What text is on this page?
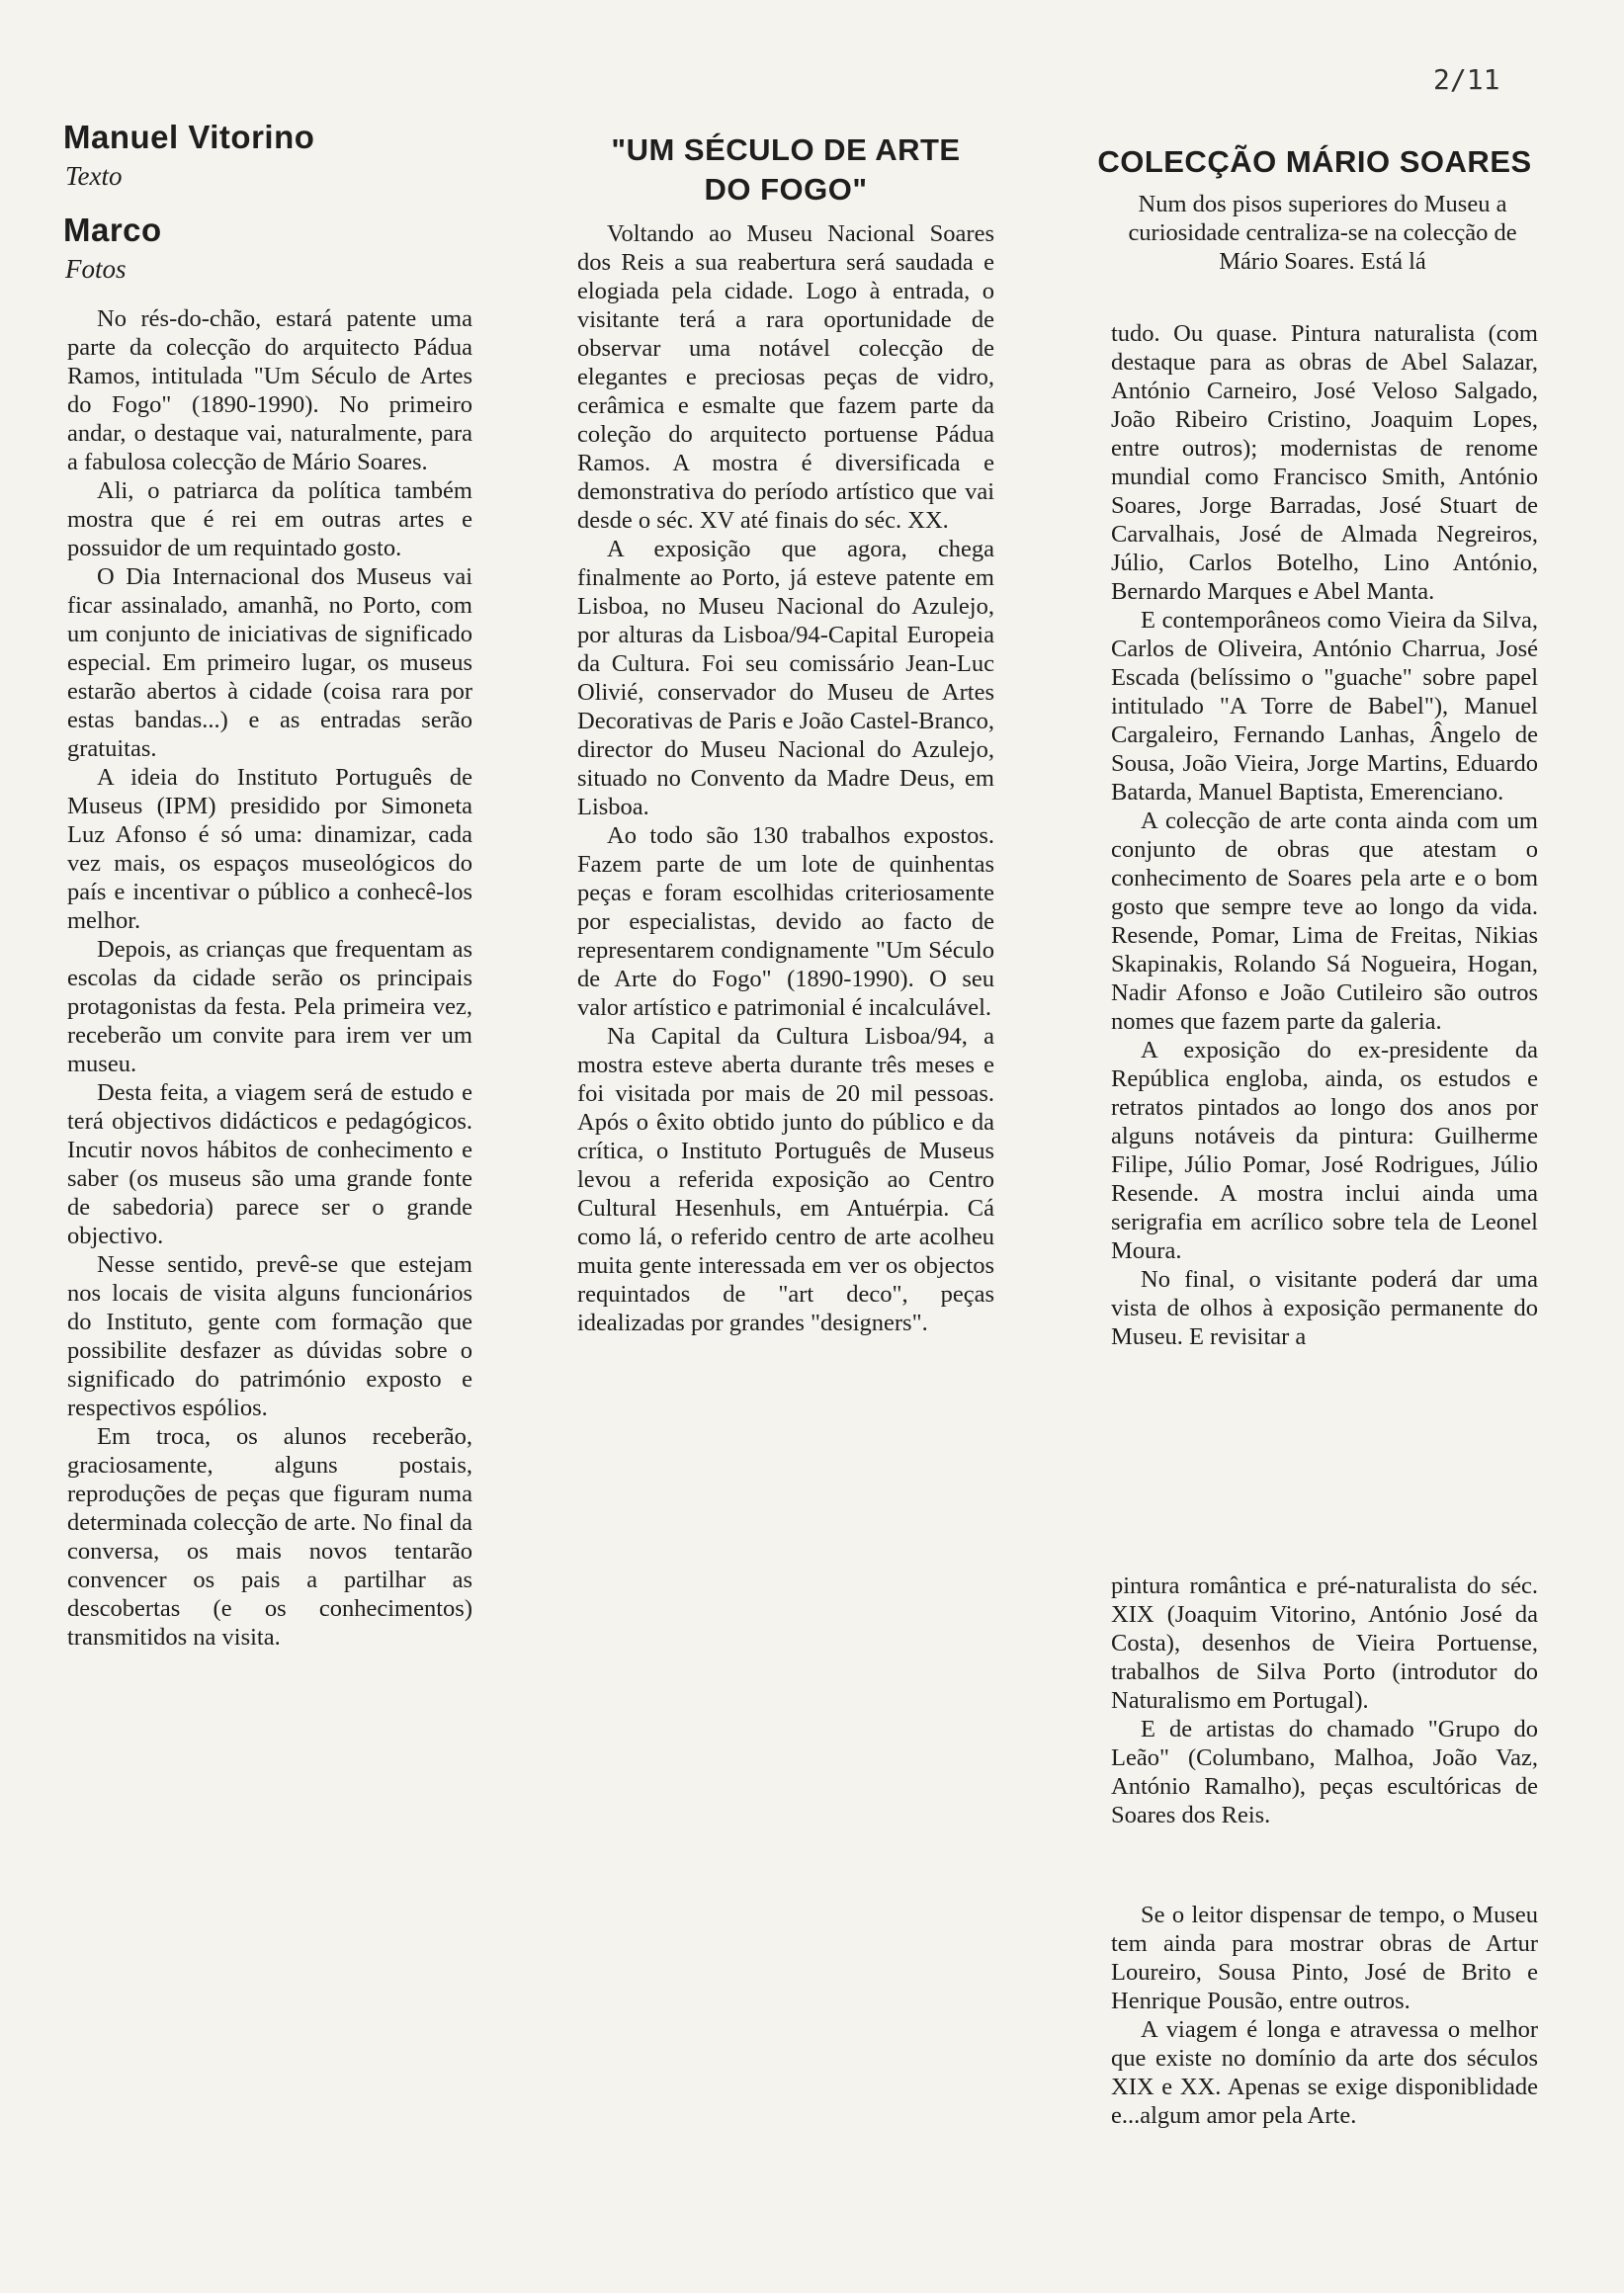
2/11
Manuel Vitorino
Texto
Marco
Fotos

No rés-do-chão, estará patente uma parte da colecção do arquitecto Pádua Ramos, intitulada "Um Século de Artes do Fogo" (1890-1990). No primeiro andar, o destaque vai, naturalmente, para a fabulosa colecção de Mário Soares.

Ali, o patriarca da política também mostra que é rei em outras artes e possuidor de um requintado gosto.

O Dia Internacional dos Museus vai ficar assinalado, amanhã, no Porto, com um conjunto de iniciativas de significado especial. Em primeiro lugar, os museus estarão abertos à cidade (coisa rara por estas bandas...) e as entradas serão gratuitas.

A ideia do Instituto Português de Museus (IPM) presidido por Simoneta Luz Afonso é só uma: dinamizar, cada vez mais, os espaços museológicos do país e incentivar o público a conhecê-los melhor.

Depois, as crianças que frequentam as escolas da cidade serão os principais protagonistas da festa. Pela primeira vez, receberão um convite para irem ver um museu.

Desta feita, a viagem será de estudo e terá objectivos didácticos e pedagógicos. Incutir novos hábitos de conhecimento e saber (os museus são uma grande fonte de sabedoria) parece ser o grande objectivo.

Nesse sentido, prevê-se que estejam nos locais de visita alguns funcionários do Instituto, gente com formação que possibilite desfazer as dúvidas sobre o significado do património exposto e respectivos espólios.

Em troca, os alunos receberão, graciosamente, alguns postais, reproduções de peças que figuram numa determinada colecção de arte. No final da conversa, os mais novos tentarão convencer os pais a partilhar as descobertas (e os conhecimentos) transmitidos na visita.

"UM SÉCULO DE ARTE
DO FOGO"

Voltando ao Museu Nacional Soares dos Reis a sua reabertura será saudada e elogiada pela cidade. Logo à entrada, o visitante terá a rara oportunidade de observar uma notável colecção de elegantes e preciosas peças de vidro, cerâmica e esmalte que fazem parte da coleção do arquitecto portuense Pádua Ramos. A mostra é diversificada e demonstrativa do período artístico que vai desde o séc. XV até finais do séc. XX.

A exposição que agora, chega finalmente ao Porto, já esteve patente em Lisboa, no Museu Nacional do Azulejo, por alturas da Lisboa/94-Capital Europeia da Cultura. Foi seu comissário Jean-Luc Olivié, conservador do Museu de Artes Decorativas de Paris e João Castel-Branco, director do Museu Nacional do Azulejo, situado no Convento da Madre Deus, em Lisboa.

Ao todo são 130 trabalhos expostos. Fazem parte de um lote de quinhentas peças e foram escolhidas criteriosamente por especialistas, devido ao facto de representarem condignamente "Um Século de Arte do Fogo" (1890-1990). O seu valor artístico e patrimonial é incalculável.

Na Capital da Cultura Lisboa/94, a mostra esteve aberta durante três meses e foi visitada por mais de 20 mil pessoas. Após o êxito obtido junto do público e da crítica, o Instituto Português de Museus levou a referida exposição ao Centro Cultural Hesenhuls, em Antuérpia. Cá como lá, o referido centro de arte acolheu muita gente interessada em ver os objectos requintados de "art deco", peças idealizadas por grandes "designers".

COLECÇÃO MÁRIO SOARES

Num dos pisos superiores do Museu a curiosidade centraliza-se na colecção de Mário Soares. Está lá

tudo. Ou quase. Pintura naturalista (com destaque para as obras de Abel Salazar, António Carneiro, José Veloso Salgado, João Ribeiro Cristino, Joaquim Lopes, entre outros); modernistas de renome mundial como Francisco Smith, António Soares, Jorge Barradas, José Stuart de Carvalhais, José de Almada Negreiros, Júlio, Carlos Botelho, Lino António, Bernardo Marques e Abel Manta.

E contemporâneos como Vieira da Silva, Carlos de Oliveira, António Charrua, José Escada (belíssimo o "guache" sobre papel intitulado "A Torre de Babel"), Manuel Cargaleiro, Fernando Lanhas, Ângelo de Sousa, João Vieira, Jorge Martins, Eduardo Batarda, Manuel Baptista, Emerenciano.

A colecção de arte conta ainda com um conjunto de obras que atestam o conhecimento de Soares pela arte e o bom gosto que sempre teve ao longo da vida. Resende, Pomar, Lima de Freitas, Nikias Skapinakis, Rolando Sá Nogueira, Hogan, Nadir Afonso e João Cutileiro são outros nomes que fazem parte da galeria.

A exposição do ex-presidente da República engloba, ainda, os estudos e retratos pintados ao longo dos anos por alguns notáveis da pintura: Guilherme Filipe, Júlio Pomar, José Rodrigues, Júlio Resende. A mostra inclui ainda uma serigrafia em acrílico sobre tela de Leonel Moura.

No final, o visitante poderá dar uma vista de olhos à exposição permanente do Museu. E revisitar a

pintura romântica e pré-naturalista do séc. XIX (Joaquim Vitorino, António José da Costa), desenhos de Vieira Portuense, trabalhos de Silva Porto (introdutor do Naturalismo em Portugal).

E de artistas do chamado "Grupo do Leão" (Columbano, Malhoa, João Vaz, António Ramalho), peças escultóricas de Soares dos Reis.

Se o leitor dispensar de tempo, o Museu tem ainda para mostrar obras de Artur Loureiro, Sousa Pinto, José de Brito e Henrique Pousão, entre outros.

A viagem é longa e atravessa o melhor que existe no domínio da arte dos séculos XIX e XX. Apenas se exige disponiblidade e...algum amor pela Arte.
